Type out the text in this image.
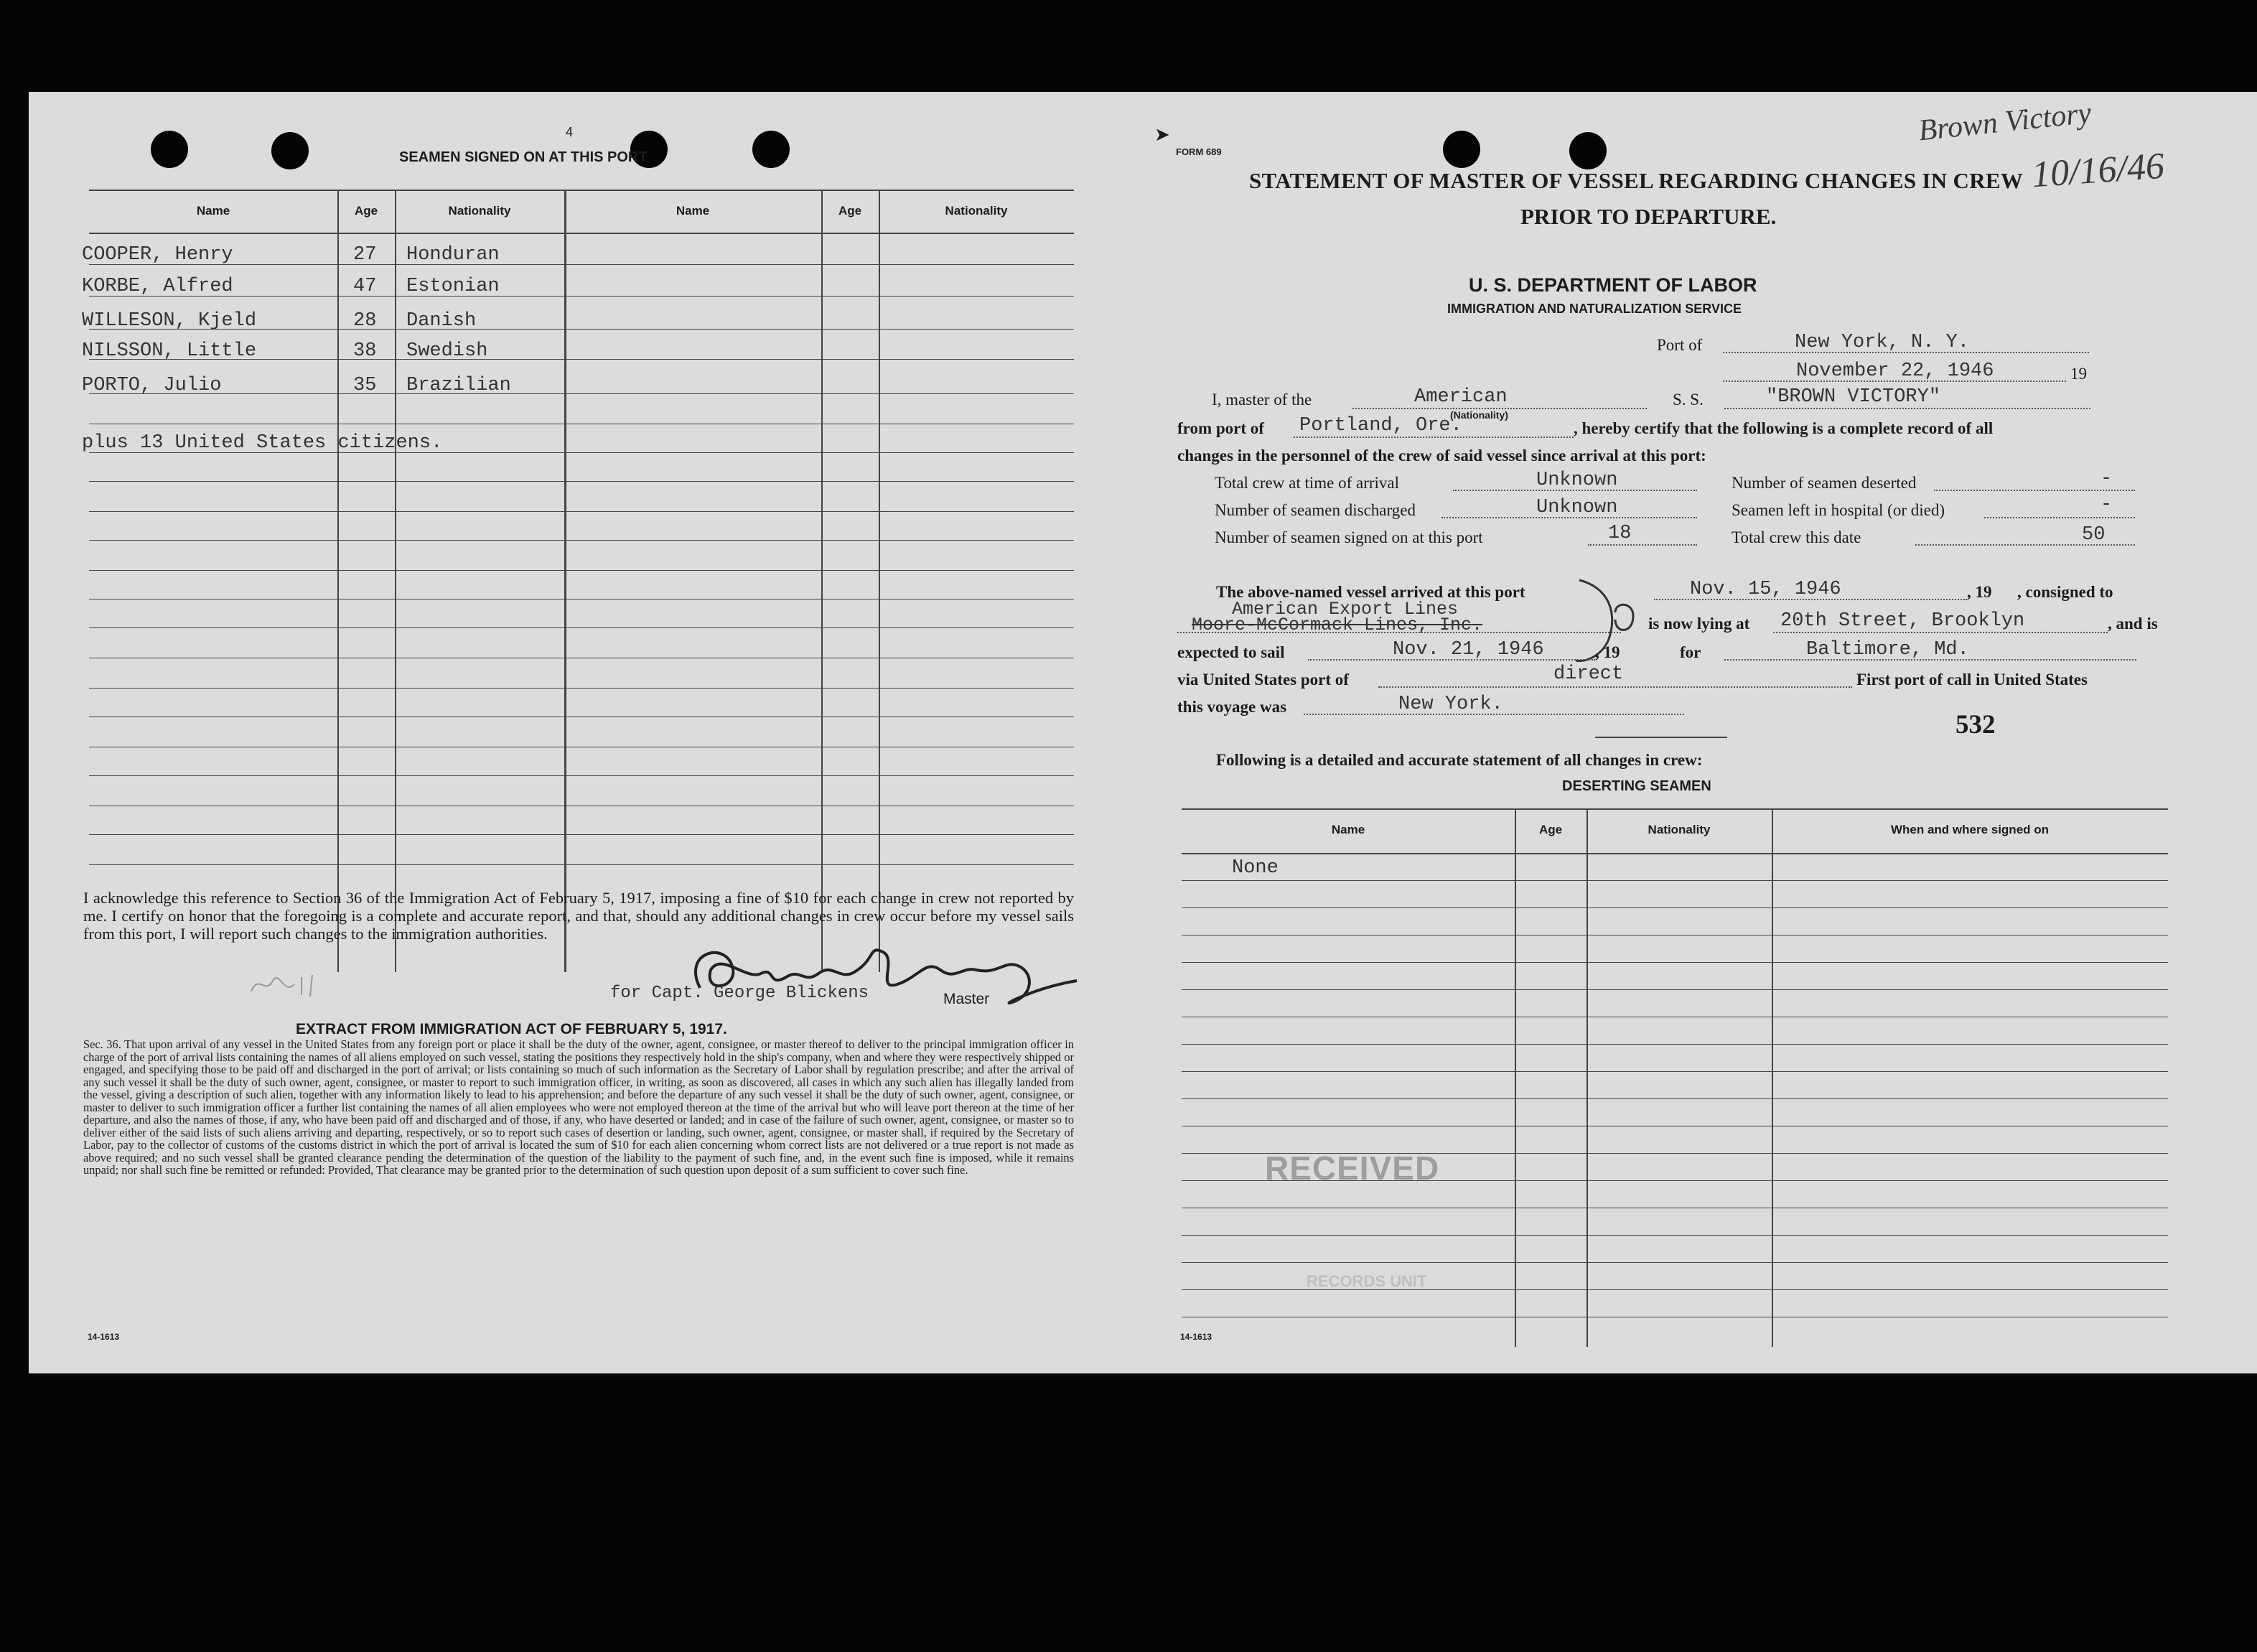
4
SEAMEN SIGNED ON AT THIS PORT
Name	Age	Nationality	Name	Age	Nationality
COOPER, Henry	27 Honduran
KORBE, Alfred	47 Estonian
WILLESON, Kjeld	28 Danish
NILSSON, Little	38 Swedish
PORTO, Julio	35 Brazilian
plus 13 United States citizens.
I acknowledge this reference to Section 36 of the Immigration Act of February 5, 1917, imposing a fine of $10 for each change in crew not reported by me. I certify on honor that the foregoing is a complete and accurate report, and that, should any additional changes in crew occur before my vessel sails from this port, I will report such changes to the immigration authorities.
for Capt. George Blickens	Master
EXTRACT FROM IMMIGRATION ACT OF FEBRUARY 5, 1917.
Sec. 36. That upon arrival of any vessel in the United States from any foreign port or place it shall be the duty of the owner, agent, consignee, or master thereof to deliver to the principal immigration officer in charge of the port of arrival lists containing the names of all aliens employed on such vessel, stating the positions they respectively hold in the ship's company, when and where they were respectively shipped or engaged, and specifying those to be paid off and discharged in the port of arrival; or lists containing so much of such information as the Secretary of Labor shall by regulation prescribe; and after the arrival of any such vessel it shall be the duty of such owner, agent, consignee, or master to report to such immigration officer, in writing, as soon as discovered, all cases in which any such alien has illegally landed from the vessel, giving a description of such alien, together with any information likely to lead to his apprehension; and before the departure of any such vessel it shall be the duty of such owner, agent, consignee, or master to deliver to such immigration officer a further list containing the names of all alien employees who were not employed thereon at the time of the arrival but who will leave port thereon at the time of her departure, and also the names of those, if any, who have been paid off and discharged and of those, if any, who have deserted or landed; and in case of the failure of such owner, agent, consignee, or master so to deliver either of the said lists of such aliens arriving and departing, respectively, or so to report such cases of desertion or landing, such owner, agent, consignee, or master shall, if required by the Secretary of Labor, pay to the collector of customs of the customs district in which the port of arrival is located the sum of $10 for each alien concerning whom correct lists are not delivered or a true report is not made as above required; and no such vessel shall be granted clearance pending the determination of the question of the liability to the payment of such fine, and, in the event such fine is imposed, while it remains unpaid; nor shall such fine be remitted or refunded: Provided, That clearance may be granted prior to the determination of such question upon deposit of a sum sufficient to cover such fine.
14-1613
FORM 689
➤
STATEMENT OF MASTER OF VESSEL REGARDING CHANGES IN CREW
PRIOR TO DEPARTURE.
U. S. DEPARTMENT OF LABOR
IMMIGRATION AND NATURALIZATION SERVICE
Port of	New York, N. Y.
November 22, 1946	19
I, master of the	American
(Nationality)
S. S.	"BROWN VICTORY"
from port of Portland, Ore.	, hereby certify that the following is a complete record of all
changes in the personnel of the crew of said vessel since arrival at this port:
Total crew at time of arrival	Unknown	Number of seamen deserted	-
Number of seamen discharged	Unknown	Seamen left in hospital (or died)	-
Number of seamen signed on at this port	18	Total crew this date	50
The above-named vessel arrived at this port	Nov. 15, 1946	, 19 , consigned to
American Export Lines
Moore-McCormack Lines, Inc.	is now lying at 20th Street, Brooklyn	, and is
expected to sail	Nov. 21, 1946	, 19	for	Baltimore, Md.
via United States port of	direct	First port of call in United States
this voyage was	New York.
532
Following is a detailed and accurate statement of all changes in crew:
DESERTING SEAMEN
Name	Age	Nationality	When and where signed on
None
RECEIVED
RECORDS UNIT
14-1613
Brown Victory
10/16/46
